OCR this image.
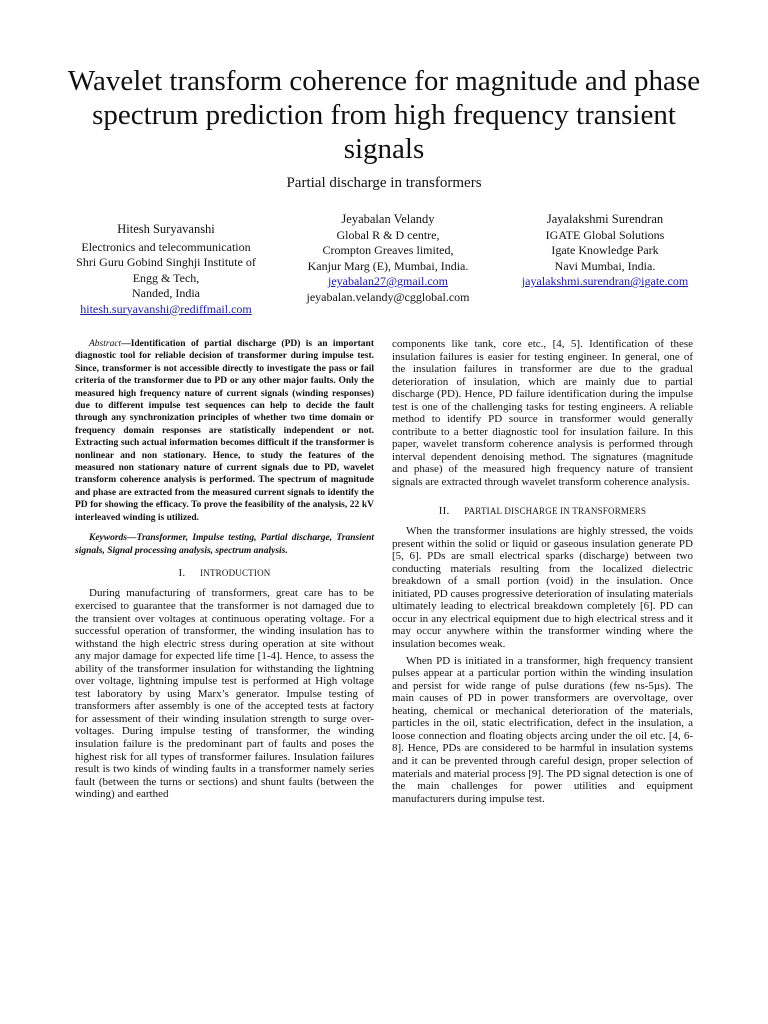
Wavelet transform coherence for magnitude and phase spectrum prediction from high frequency transient signals
Partial discharge in transformers
Hitesh Suryavanshi
Electronics and telecommunication
Shri Guru Gobind Singhji Institute of
Engg & Tech,
Nanded, India
hitesh.suryavanshi@rediffmail.com
Jeyabalan Velandy
Global R & D centre,
Crompton Greaves limited,
Kanjur Marg (E), Mumbai, India.
jeyabalan27@gmail.com
jeyabalan.velandy@cgglobal.com
Jayalakshmi Surendran
IGATE Global Solutions
Igate Knowledge Park
Navi Mumbai, India.
jayalakshmi.surendran@igate.com

Abstract—Identification of partial discharge (PD) is an important diagnostic tool for reliable decision of transformer during impulse test. Since, transformer is not accessible directly to investigate the pass or fail criteria of the transformer due to PD or any other major faults. Only the measured high frequency nature of current signals (winding responses) due to different impulse test sequences can help to decide the fault through any synchronization principles of whether two time domain or frequency domain responses are statistically independent or not. Extracting such actual information becomes difficult if the transformer is nonlinear and non stationary. Hence, to study the features of the measured non stationary nature of current signals due to PD, wavelet transform coherence analysis is performed. The spectrum of magnitude and phase are extracted from the measured current signals to identify the PD for showing the efficacy. To prove the feasibility of the analysis, 22 kV interleaved winding is utilized.

Keywords—Transformer, Impulse testing, Partial discharge, Transient signals, Signal processing analysis, spectrum analysis.

I. INTRODUCTION

During manufacturing of transformers, great care has to be exercised to guarantee that the transformer is not damaged due to the transient over voltages at continuous operating voltage. For a successful operation of transformer, the winding insulation has to withstand the high electric stress during operation at site without any major damage for expected life time [1-4]. Hence, to assess the ability of the transformer insulation for withstanding the lightning over voltage, lightning impulse test is performed at High voltage test laboratory by using Marx’s generator. Impulse testing of transformers after assembly is one of the accepted tests at factory for assessment of their winding insulation strength to surge over-voltages. During impulse testing of transformer, the winding insulation failure is the predominant part of faults and poses the highest risk for all types of transformer failures. Insulation failures result is two kinds of winding faults in a transformer namely series fault (between the turns or sections) and shunt faults (between the winding) and earthed

components like tank, core etc., [4, 5]. Identification of these insulation failures is easier for testing engineer. In general, one of the insulation failures in transformer are due to the gradual deterioration of insulation, which are mainly due to partial discharge (PD). Hence, PD failure identification during the impulse test is one of the challenging tasks for testing engineers. A reliable method to identify PD source in transformer would generally contribute to a better diagnostic tool for insulation failure. In this paper, wavelet transform coherence analysis is performed through interval dependent denoising method. The signatures (magnitude and phase) of the measured high frequency nature of transient signals are extracted through wavelet transform coherence analysis.

II. PARTIAL DISCHARGE IN TRANSFORMERS

When the transformer insulations are highly stressed, the voids present within the solid or liquid or gaseous insulation generate PD [5, 6]. PDs are small electrical sparks (discharge) between two conducting materials resulting from the localized dielectric breakdown of a small portion (void) in the insulation. Once initiated, PD causes progressive deterioration of insulating materials ultimately leading to electrical breakdown completely [6]. PD can occur in any electrical equipment due to high electrical stress and it may occur anywhere within the transformer winding where the insulation becomes weak.

When PD is initiated in a transformer, high frequency transient pulses appear at a particular portion within the winding insulation and persist for wide range of pulse durations (few ns-5µs). The main causes of PD in power transformers are overvoltage, over heating, chemical or mechanical deterioration of the materials, particles in the oil, static electrification, defect in the insulation, a loose connection and floating objects arcing under the oil etc. [4, 6-8]. Hence, PDs are considered to be harmful in insulation systems and it can be prevented through careful design, proper selection of materials and material process [9]. The PD signal detection is one of the main challenges for power utilities and equipment manufacturers during impulse test.
